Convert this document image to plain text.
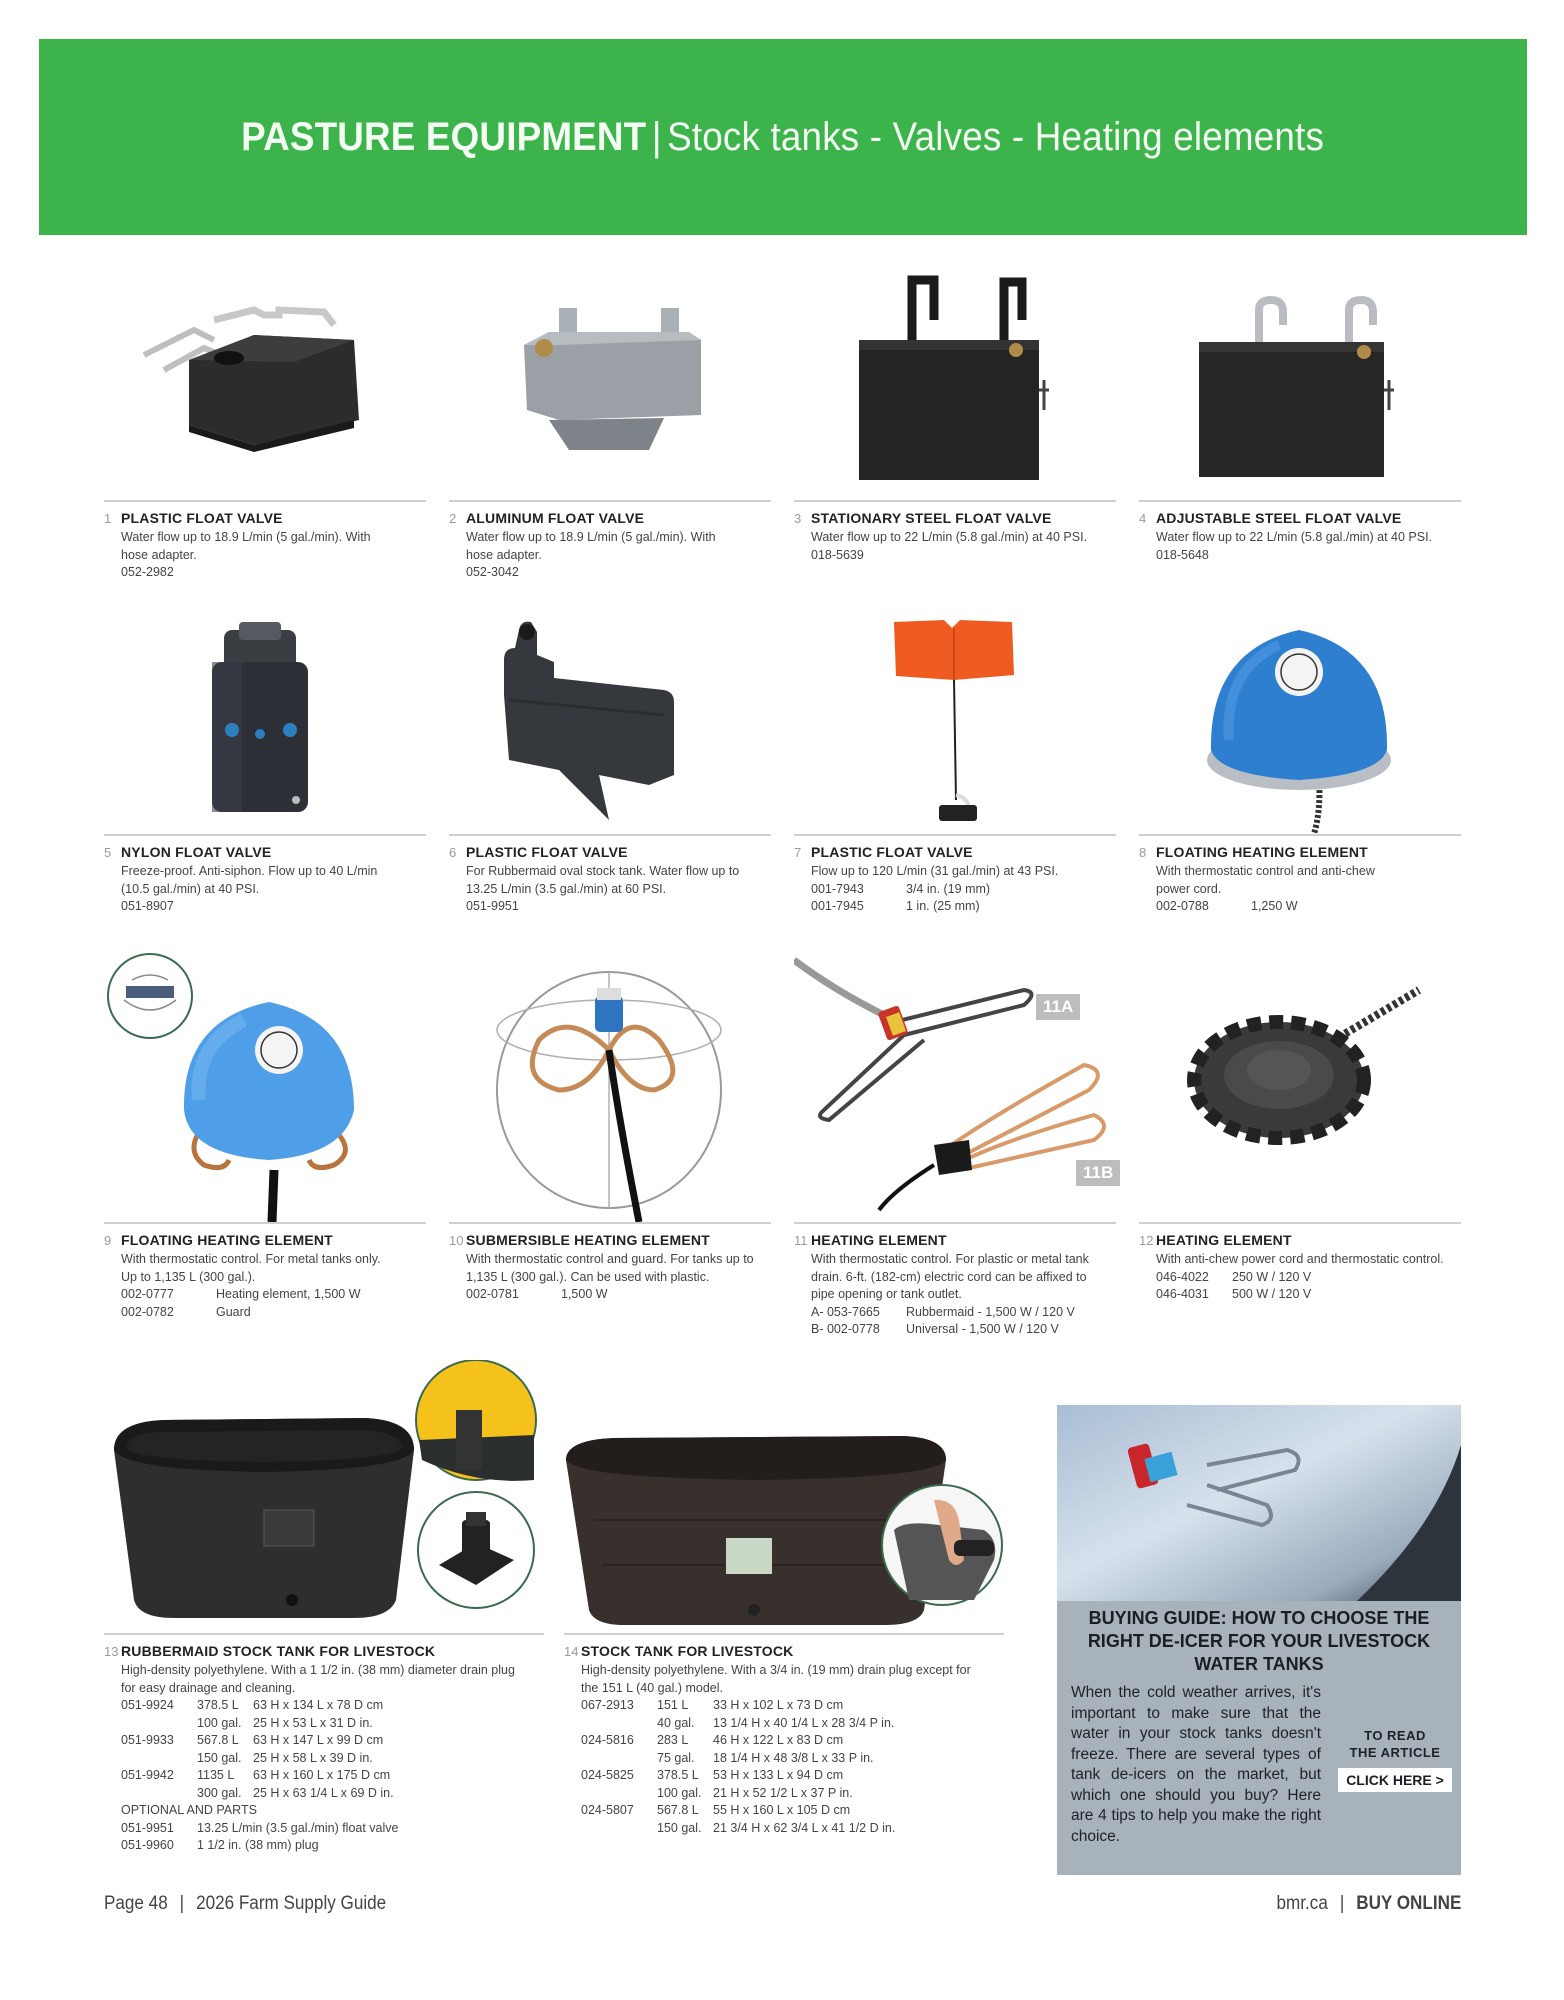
PASTURE EQUIPMENT | Stock tanks - Valves - Heating elements
1 PLASTIC FLOAT VALVE
Water flow up to 18.9 L/min (5 gal./min). With
hose adapter.
052-2982
2 ALUMINUM FLOAT VALVE
Water flow up to 18.9 L/min (5 gal./min). With
hose adapter.
052-3042
3 STATIONARY STEEL FLOAT VALVE
Water flow up to 22 L/min (5.8 gal./min) at 40 PSI.
018-5639
4 ADJUSTABLE STEEL FLOAT VALVE
Water flow up to 22 L/min (5.8 gal./min) at 40 PSI.
018-5648
5 NYLON FLOAT VALVE
Freeze-proof. Anti-siphon. Flow up to 40 L/min
(10.5 gal./min) at 40 PSI.
051-8907
6 PLASTIC FLOAT VALVE
For Rubbermaid oval stock tank. Water flow up to
13.25 L/min (3.5 gal./min) at 60 PSI.
051-9951
7 PLASTIC FLOAT VALVE
Flow up to 120 L/min (31 gal./min) at 43 PSI.
001-7943	3/4 in. (19 mm)
001-7945	1 in. (25 mm)
8 FLOATING HEATING ELEMENT
With thermostatic control and anti-chew
power cord.
002-0788	1,250 W
9 FLOATING HEATING ELEMENT
With thermostatic control. For metal tanks only.
Up to 1,135 L (300 gal.).
002-0777	Heating element, 1,500 W
002-0782	Guard
10 SUBMERSIBLE HEATING ELEMENT
With thermostatic control and guard. For tanks up to
1,135 L (300 gal.). Can be used with plastic.
002-0781	1,500 W
11A
11B
11 HEATING ELEMENT
With thermostatic control. For plastic or metal tank
drain. 6-ft. (182-cm) electric cord can be affixed to
pipe opening or tank outlet.
A- 053-7665	Rubbermaid - 1,500 W / 120 V
B- 002-0778	Universal - 1,500 W / 120 V
12 HEATING ELEMENT
With anti-chew power cord and thermostatic control.
046-4022	250 W / 120 V
046-4031	500 W / 120 V
13 RUBBERMAID STOCK TANK FOR LIVESTOCK
High-density polyethylene. With a 1 1/2 in. (38 mm) diameter drain plug
for easy drainage and cleaning.
051-9924	378.5 L	63 H x 134 L x 78 D cm
100 gal. 25 H x 53 L x 31 D in.
051-9933	567.8 L	63 H x 147 L x 99 D cm
150 gal. 25 H x 58 L x 39 D in.
051-9942	1135 L	63 H x 160 L x 175 D cm
300 gal. 25 H x 63 1/4 L x 69 D in.
OPTIONAL AND PARTS
051-9951	13.25 L/min (3.5 gal./min) float valve
051-9960	1 1/2 in. (38 mm) plug
14 STOCK TANK FOR LIVESTOCK
High-density polyethylene. With a 3/4 in. (19 mm) drain plug except for
the 151 L (40 gal.) model.
067-2913	151 L	33 H x 102 L x 73 D cm
40 gal.	13 1/4 H x 40 1/4 L x 28 3/4 P in.
024-5816	283 L	46 H x 122 L x 83 D cm
75 gal.	18 1/4 H x 48 3/8 L x 33 P in.
024-5825	378.5 L	53 H x 133 L x 94 D cm
100 gal. 21 H x 52 1/2 L x 37 P in.
024-5807	567.8 L	55 H x 160 L x 105 D cm
150 gal. 21 3/4 H x 62 3/4 L x 41 1/2 D in.
BUYING GUIDE: HOW TO CHOOSE THE
RIGHT DE-ICER FOR YOUR LIVESTOCK
WATER TANKS
When the cold weather arrives, it's important to make sure that the water in your stock tanks doesn't freeze. There are several types of tank de-icers on the market, but which one should you buy? Here are 4 tips to help you make the right choice.
TO READ
THE ARTICLE
CLICK HERE >
Page 48 | 2026 Farm Supply Guide	bmr.ca | BUY ONLINE
